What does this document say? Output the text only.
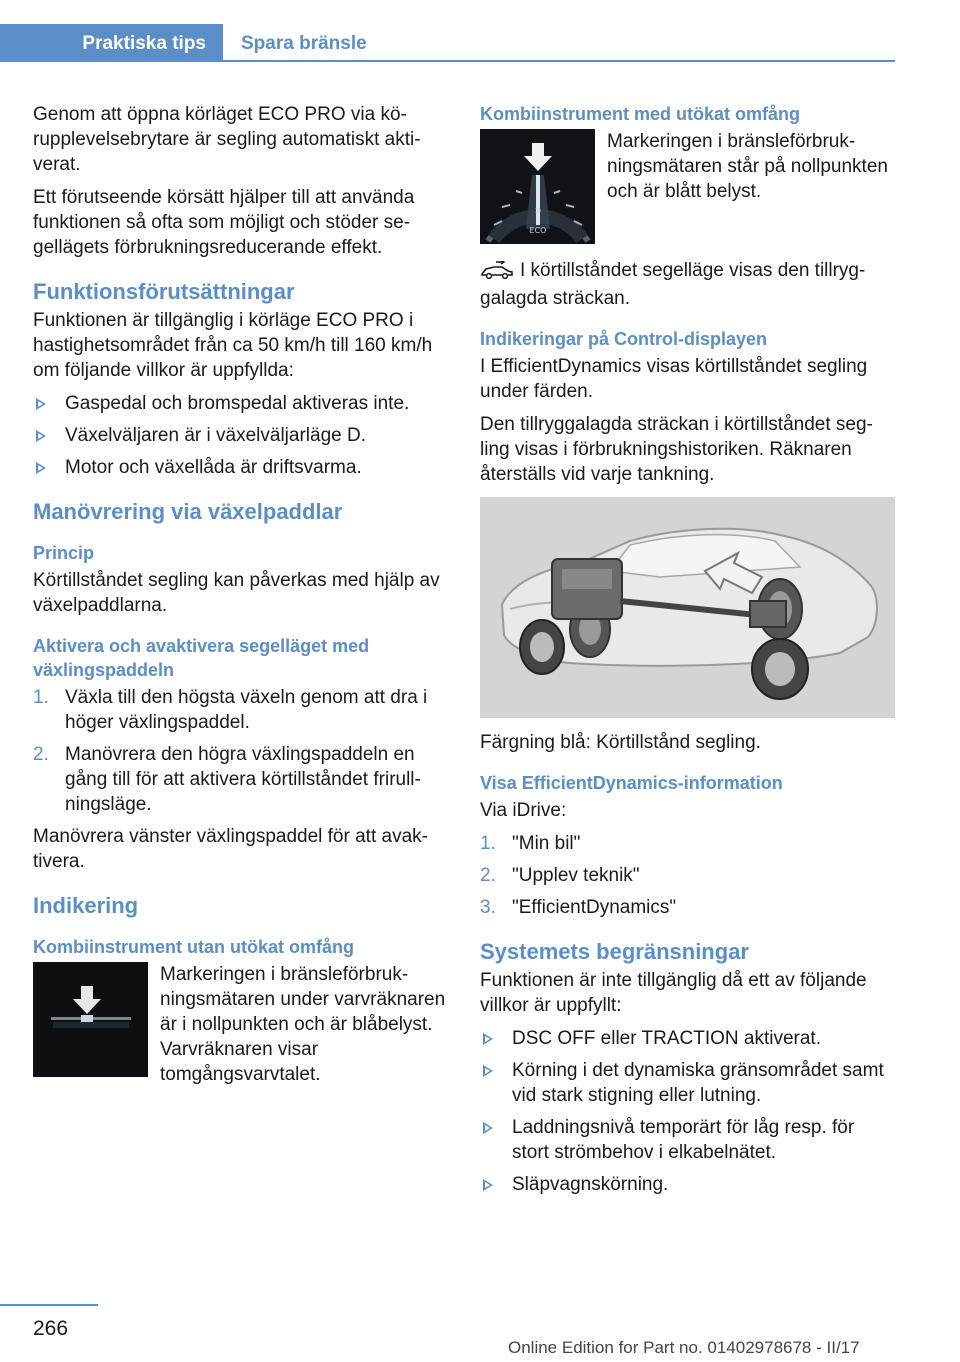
Praktiska tips	Spara bränsle

Genom att öppna körläget ECO PRO via körupplevelsebrytare är segling automatiskt aktiverat.

Ett förutseende körsätt hjälper till att använda funktionen så ofta som möjligt och stöder segellägets förbrukningsreducerande effekt.

Funktionsförutsättningar

Funktionen är tillgänglig i körläge ECO PRO i hastighetsområdet från ca 50 km/h till 160 km/h om följande villkor är uppfyllda:

Gaspedal och bromspedal aktiveras inte.
Växelväljaren är i växelväljarläge D.
Motor och växellåda är driftsvarma.
Manövrering via växelpaddlar
Princip

Körtillståndet segling kan påverkas med hjälp av växelpaddlarna.

Aktivera och avaktivera segelläget med växlingspaddeln
1. Växla till den högsta växeln genom att dra i höger växlingspaddel.
2. Manövrera den högra växlingspaddeln en gång till för att aktivera körtillståndet frirullningsläge.

Manövrera vänster växlingspaddel för att avaktivera.

Indikering
Kombiinstrument utan utökat omfång
Markeringen i bränsleförbrukningsmätaren under varvräknaren är i nollpunkten och är blåbelyst. Varvräknaren visar tomgångsvarvtalet.
Kombiinstrument med utökat omfång
⊃
ECO
Markeringen i bränsleförbrukningsmätaren står på nollpunkten och är blått belyst.

I körtillståndet segelläge visas den tillryggalagda sträckan.

Indikeringar på Control-displayen

I EfficientDynamics visas körtillståndet segling under färden.

Den tillryggalagda sträckan i körtillståndet segling visas i förbrukningshistoriken. Räknaren återställs vid varje tankning.

Färgning blå: Körtillstånd segling.

Visa EfficientDynamics-information

Via iDrive:

1. "Min bil"
2. "Upplev teknik"
3. "EfficientDynamics"
Systemets begränsningar

Funktionen är inte tillgänglig då ett av följande villkor är uppfyllt:

DSC OFF eller TRACTION aktiverat.
Körning i det dynamiska gränsområdet samt vid stark stigning eller lutning.
Laddningsnivå temporärt för låg resp. för stort strömbehov i elkabelnätet.
Släpvagnskörning.
266
Online Edition for Part no. 01402978678 - II/17
